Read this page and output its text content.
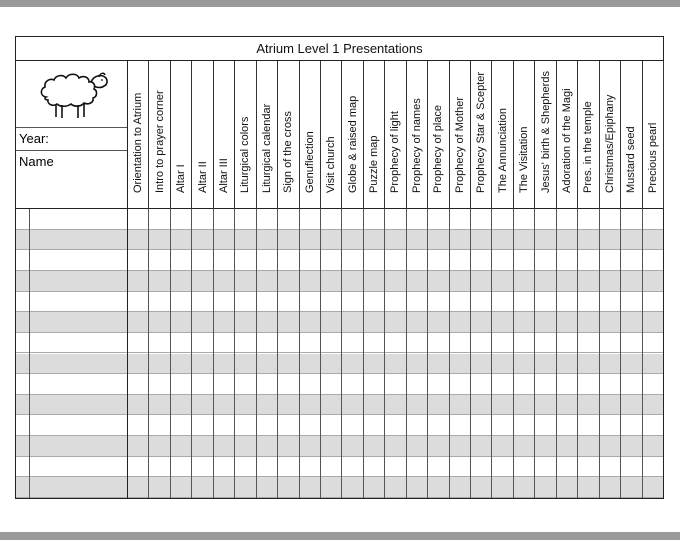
Atrium Level 1 Presentations
Year:
Name	Orientation to Atrium Intro to prayer corner Altar I Altar II Altar III Liturgical colors Liturgical calendar Sign of the cross Genuflection Visit church Globe & raised map Puzzle map Prophecy of light Prophecy of names Prophecy of place Prophecy of Mother Prophecy Star & Scepter The Annunciation The Visitation Jesus' birth & Shepherds Adoration of the Magi Pres. in the temple Christmas/Epiphany Mustard seed Precious pearl
